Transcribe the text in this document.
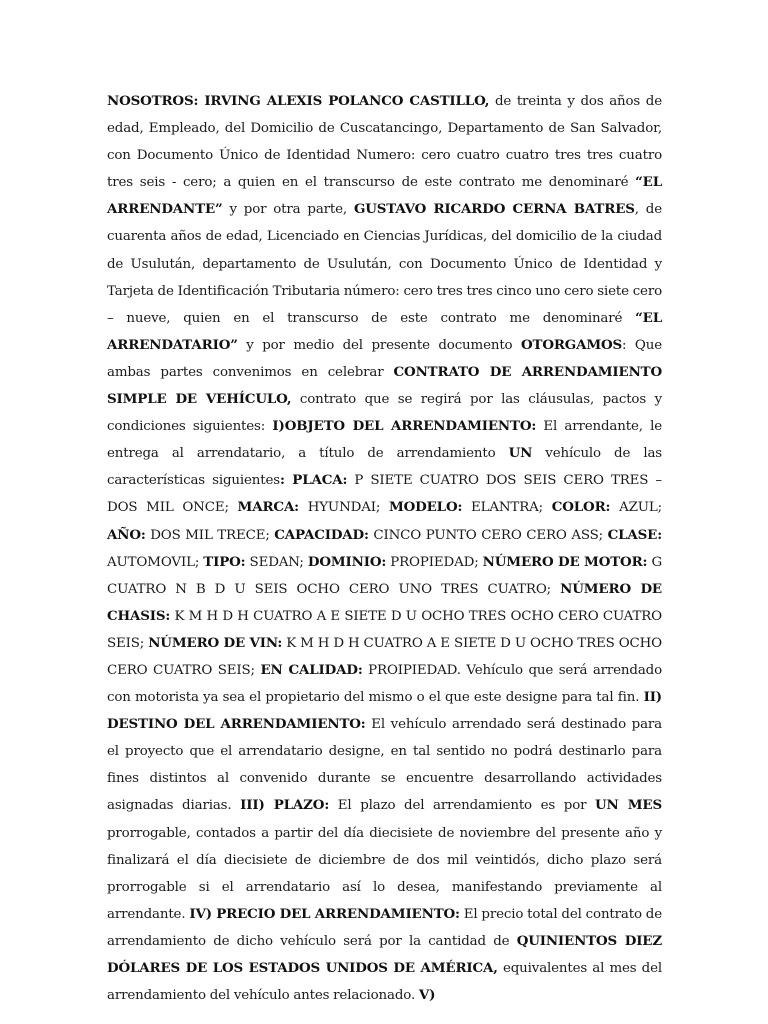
NOSOTROS: IRVING ALEXIS POLANCO CASTILLO, de treinta y dos años de edad, Empleado, del Domicilio de Cuscatancingo, Departamento de San Salvador, con Documento Único de Identidad Numero: cero cuatro cuatro tres tres cuatro tres seis - cero; a quien en el transcurso de este contrato me denominaré “EL ARRENDANTE” y por otra parte, GUSTAVO RICARDO CERNA BATRES, de cuarenta años de edad, Licenciado en Ciencias Jurídicas, del domicilio de la ciudad de Usulután, departamento de Usulután, con Documento Único de Identidad y Tarjeta de Identificación Tributaria número: cero tres tres cinco uno cero siete cero – nueve, quien en el transcurso de este contrato me denominaré “EL ARRENDATARIO” y por medio del presente documento OTORGAMOS: Que ambas partes convenimos en celebrar CONTRATO DE ARRENDAMIENTO SIMPLE DE VEHÍCULO, contrato que se regirá por las cláusulas, pactos y condiciones siguientes: I)OBJETO DEL ARRENDAMIENTO: El arrendante, le entrega al arrendatario, a título de arrendamiento UN vehículo de las características siguientes: PLACA: P SIETE CUATRO DOS SEIS CERO TRES – DOS MIL ONCE; MARCA: HYUNDAI; MODELO: ELANTRA; COLOR: AZUL; AÑO: DOS MIL TRECE; CAPACIDAD: CINCO PUNTO CERO CERO ASS; CLASE: AUTOMOVIL; TIPO: SEDAN; DOMINIO: PROPIEDAD; NÚMERO DE MOTOR: G CUATRO N B D U SEIS OCHO CERO UNO TRES CUATRO; NÚMERO DE CHASIS: K M H D H CUATRO A E SIETE D U OCHO TRES OCHO CERO CUATRO SEIS; NÚMERO DE VIN: K M H D H CUATRO A E SIETE D U OCHO TRES OCHO CERO CUATRO SEIS; EN CALIDAD: PROIPIEDAD. Vehículo que será arrendado con motorista ya sea el propietario del mismo o el que este designe para tal fin. II) DESTINO DEL ARRENDAMIENTO: El vehículo arrendado será destinado para el proyecto que el arrendatario designe, en tal sentido no podrá destinarlo para fines distintos al convenido durante se encuentre desarrollando actividades asignadas diarias. III) PLAZO: El plazo del arrendamiento es por UN MES prorrogable, contados a partir del día diecisiete de noviembre del presente año y finalizará el día diecisiete de diciembre de dos mil veintidós, dicho plazo será prorrogable si el arrendatario así lo desea, manifestando previamente al arrendante. IV) PRECIO DEL ARRENDAMIENTO: El precio total del contrato de arrendamiento de dicho vehículo será por la cantidad de QUINIENTOS DIEZ DÓLARES DE LOS ESTADOS UNIDOS DE AMÉRICA, equivalentes al mes del arrendamiento del vehículo antes relacionado. V)
